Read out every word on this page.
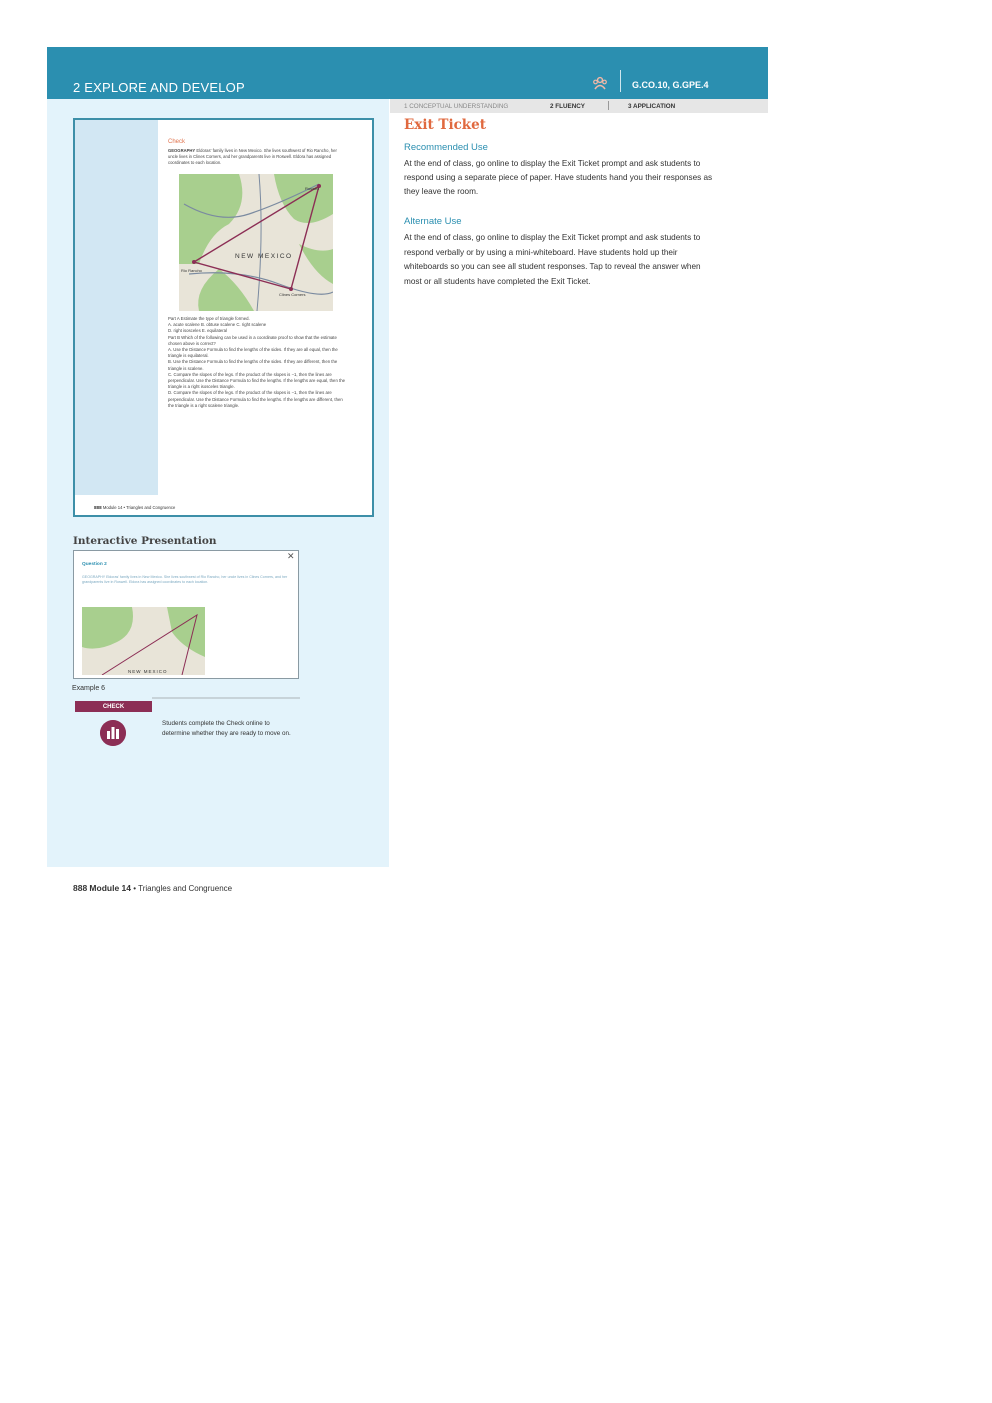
2 EXPLORE AND DEVELOP	G.CO.10, G.GPE.4
Check
GEOGRAPHY Eldoras' family lives in New Mexico. She lives southwest of Rio Rancho, her uncle lives in Clines Corners, and her grandparents live in Roswell. Eldora has assigned coordinates to each location.
NEW MEXICO
Roswell
Rio Rancho
Clines Corners
Part A Estimate the type of triangle formed.
A. acute scalene B. obtuse scalene C. right scalene
D. right isosceles E. equilateral

Part B Which of the following can be used in a coordinate proof to show that the estimate chosen above is correct?

A. Use the Distance Formula to find the lengths of the sides. If they are all equal, then the triangle is equilateral.

B. Use the Distance Formula to find the lengths of the sides. If they are different, then the triangle is scalene.

C. Compare the slopes of the legs. If the product of the slopes is −1, then the lines are perpendicular. Use the Distance Formula to find the lengths. If the lengths are equal, then the triangle is a right isosceles triangle.

D. Compare the slopes of the legs. If the product of the slopes is −1, then the lines are perpendicular. Use the Distance Formula to find the lengths. If the lengths are different, then the triangle is a right scalene triangle.

888 Module 14 • Triangles and Congruence
Interactive Presentation
✕
Question 2
GEOGRAPHY Eldoras' family lives in New Mexico. She lives southwest of Rio Rancho, her uncle lives in Clines Corners, and her grandparents live in Roswell. Eldora has assigned coordinates to each location.
NEW MEXICO
Example 6
CHECK
Students complete the Check online to determine whether they are ready to move on.
888 Module 14 • Triangles and Congruence
1 CONCEPTUAL UNDERSTANDING	2 FLUENCY	3 APPLICATION
Exit Ticket
Recommended Use
At the end of class, go online to display the Exit Ticket prompt and ask students to respond using a separate piece of paper. Have students hand you their responses as they leave the room.
Alternate Use
At the end of class, go online to display the Exit Ticket prompt and ask students to respond verbally or by using a mini-whiteboard. Have students hold up their whiteboards so you can see all student responses. Tap to reveal the answer when most or all students have completed the Exit Ticket.
